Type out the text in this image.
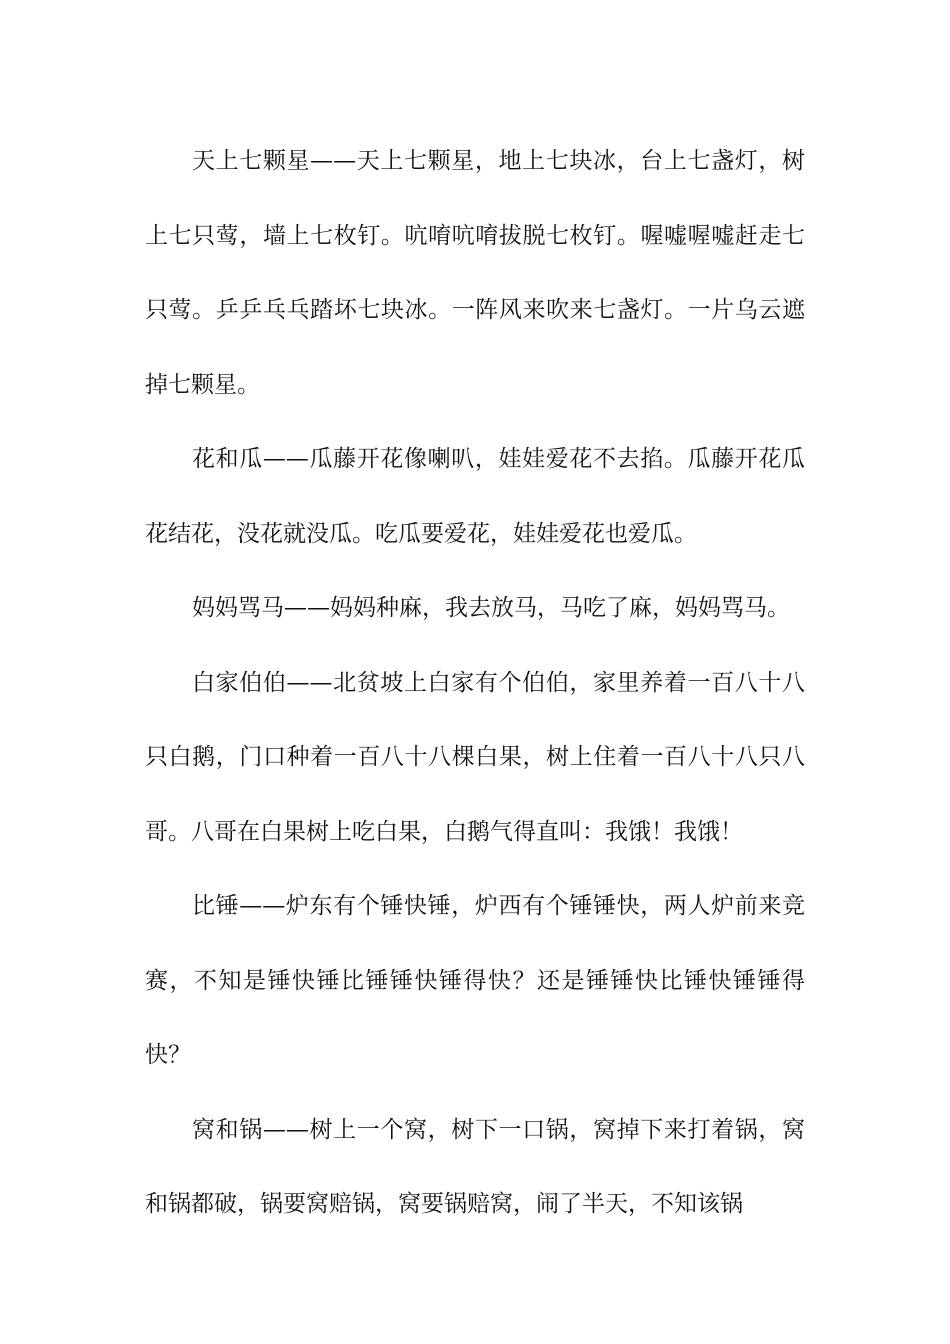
天上七颗星——天上七颗星，地上七块冰，台上七盏灯，树上七只莺，墙上七枚钉。吭唷吭唷拔脱七枚钉。喔嘘喔嘘赶走七只莺。乒乒乓乓踏坏七块冰。一阵风来吹来七盏灯。一片乌云遮掉七颗星。

花和瓜——瓜藤开花像喇叭，娃娃爱花不去掐。瓜藤开花瓜花结花，没花就没瓜。吃瓜要爱花，娃娃爱花也爱瓜。

妈妈骂马——妈妈种麻，我去放马，马吃了麻，妈妈骂马。

白家伯伯——北贫坡上白家有个伯伯，家里养着一百八十八只白鹅，门口种着一百八十八棵白果，树上住着一百八十八只八哥。八哥在白果树上吃白果，白鹅气得直叫：我饿！我饿！

比锤——炉东有个锤快锤，炉西有个锤锤快，两人炉前来竞赛，不知是锤快锤比锤锤快锤得快？还是锤锤快比锤快锤锤得快？

窝和锅——树上一个窝，树下一口锅，窝掉下来打着锅，窝和锅都破，锅要窝赔锅，窝要锅赔窝，闹了半天，不知该锅
